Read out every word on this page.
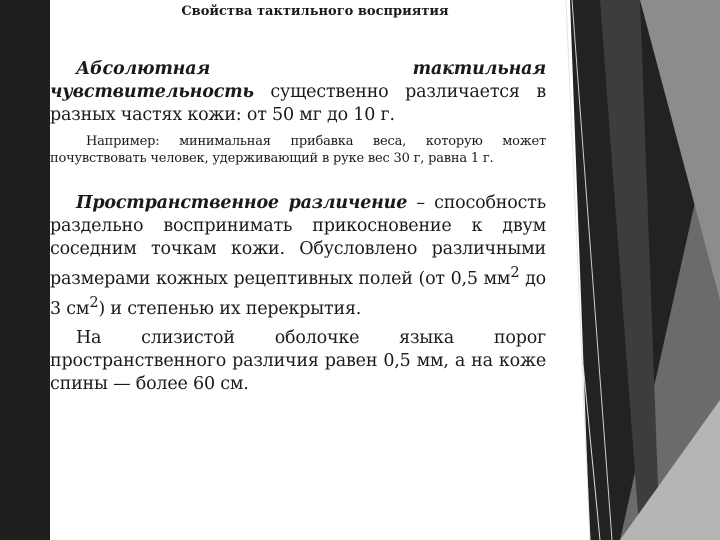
Свойства тактильного восприятия

Абсолютная тактильная чувствительность существенно различается в разных частях кожи: от 50 мг до 10 г.

Например: минимальная прибавка веса, которую может почувствовать человек, удерживающий в руке вес 30 г, равна 1 г.

Пространственное различение – способность раздельно воспринимать прикосновение к двум соседним точкам кожи. Обусловлено различными размерами кожных рецептивных полей (от 0,5 $мм^2$ до 3 $см^2$) и степенью их перекрытия.

На слизистой оболочке языка порог пространственного различия равен 0,5 мм, а на коже спины — более 60 см.
